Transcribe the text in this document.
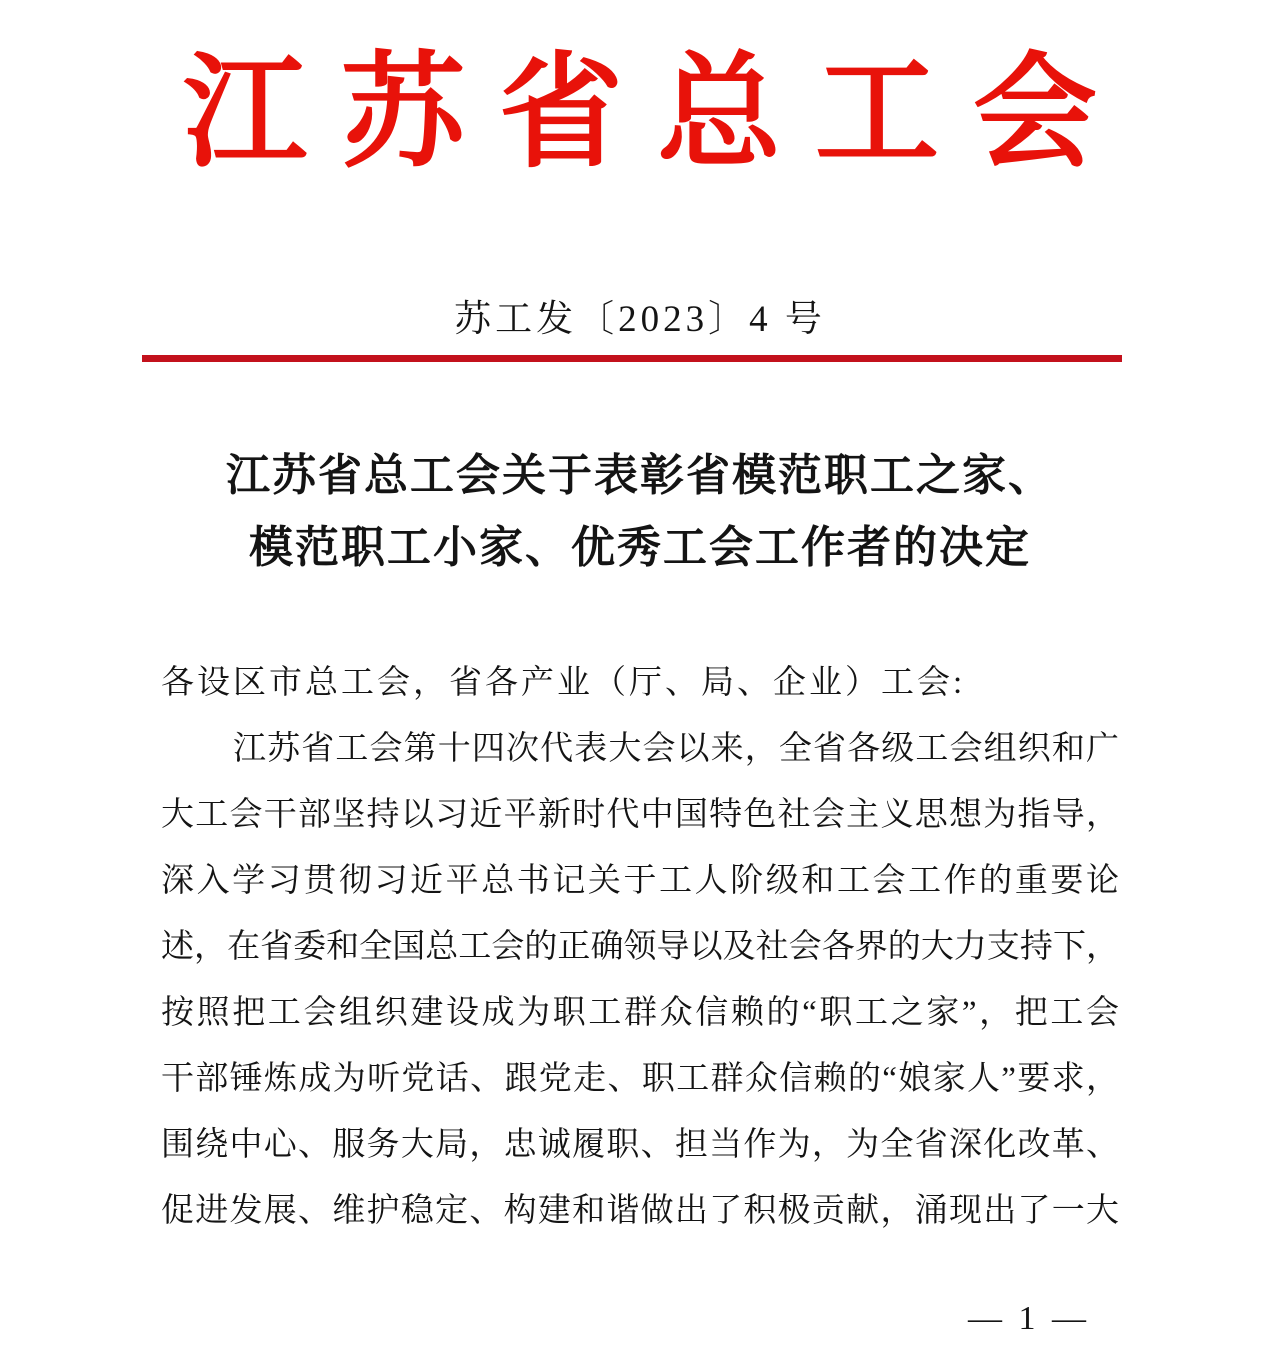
江苏省总工会
苏工发〔2023〕4 号
江苏省总工会关于表彰省模范职工之家、
模范职工小家、优秀工会工作者的决定
各设区市总工会，省各产业（厅、局、企业）工会:
江苏省工会第十四次代表大会以来，全省各级工会组织和广
大工会干部坚持以习近平新时代中国特色社会主义思想为指导，
深入学习贯彻习近平总书记关于工人阶级和工会工作的重要论
述，在省委和全国总工会的正确领导以及社会各界的大力支持下，
按照把工会组织建设成为职工群众信赖的“职工之家”，把工会
干部锤炼成为听党话、跟党走、职工群众信赖的“娘家人”要求，
围绕中心、服务大局，忠诚履职、担当作为，为全省深化改革、
促进发展、维护稳定、构建和谐做出了积极贡献，涌现出了一大
— 1 —
